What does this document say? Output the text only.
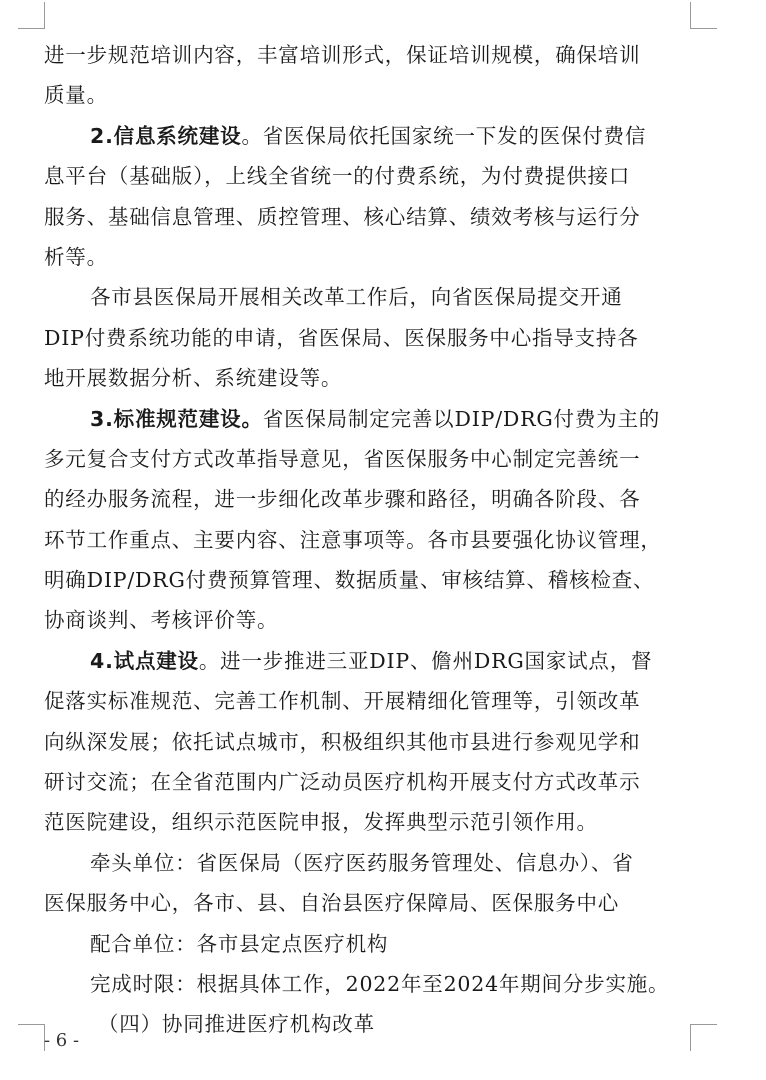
进一步规范培训内容，丰富培训形式，保证培训规模，确保培训
质量。
2.信息系统建设。省医保局依托国家统一下发的医保付费信
息平台（基础版），上线全省统一的付费系统，为付费提供接口
服务、基础信息管理、质控管理、核心结算、绩效考核与运行分
析等。
各市县医保局开展相关改革工作后，向省医保局提交开通
DIP付费系统功能的申请，省医保局、医保服务中心指导支持各
地开展数据分析、系统建设等。
3.标准规范建设。省医保局制定完善以DIP/DRG付费为主的
多元复合支付方式改革指导意见，省医保服务中心制定完善统一
的经办服务流程，进一步细化改革步骤和路径，明确各阶段、各
环节工作重点、主要内容、注意事项等。各市县要强化协议管理，
明确DIP/DRG付费预算管理、数据质量、审核结算、稽核检查、
协商谈判、考核评价等。
4.试点建设。进一步推进三亚DIP、儋州DRG国家试点，督
促落实标准规范、完善工作机制、开展精细化管理等，引领改革
向纵深发展；依托试点城市，积极组织其他市县进行参观见学和
研讨交流；在全省范围内广泛动员医疗机构开展支付方式改革示
范医院建设，组织示范医院申报，发挥典型示范引领作用。
牵头单位：省医保局（医疗医药服务管理处、信息办）、省
医保服务中心，各市、县、自治县医疗保障局、医保服务中心
配合单位：各市县定点医疗机构
完成时限：根据具体工作，2022年至2024年期间分步实施。
（四）协同推进医疗机构改革
- 6 -
